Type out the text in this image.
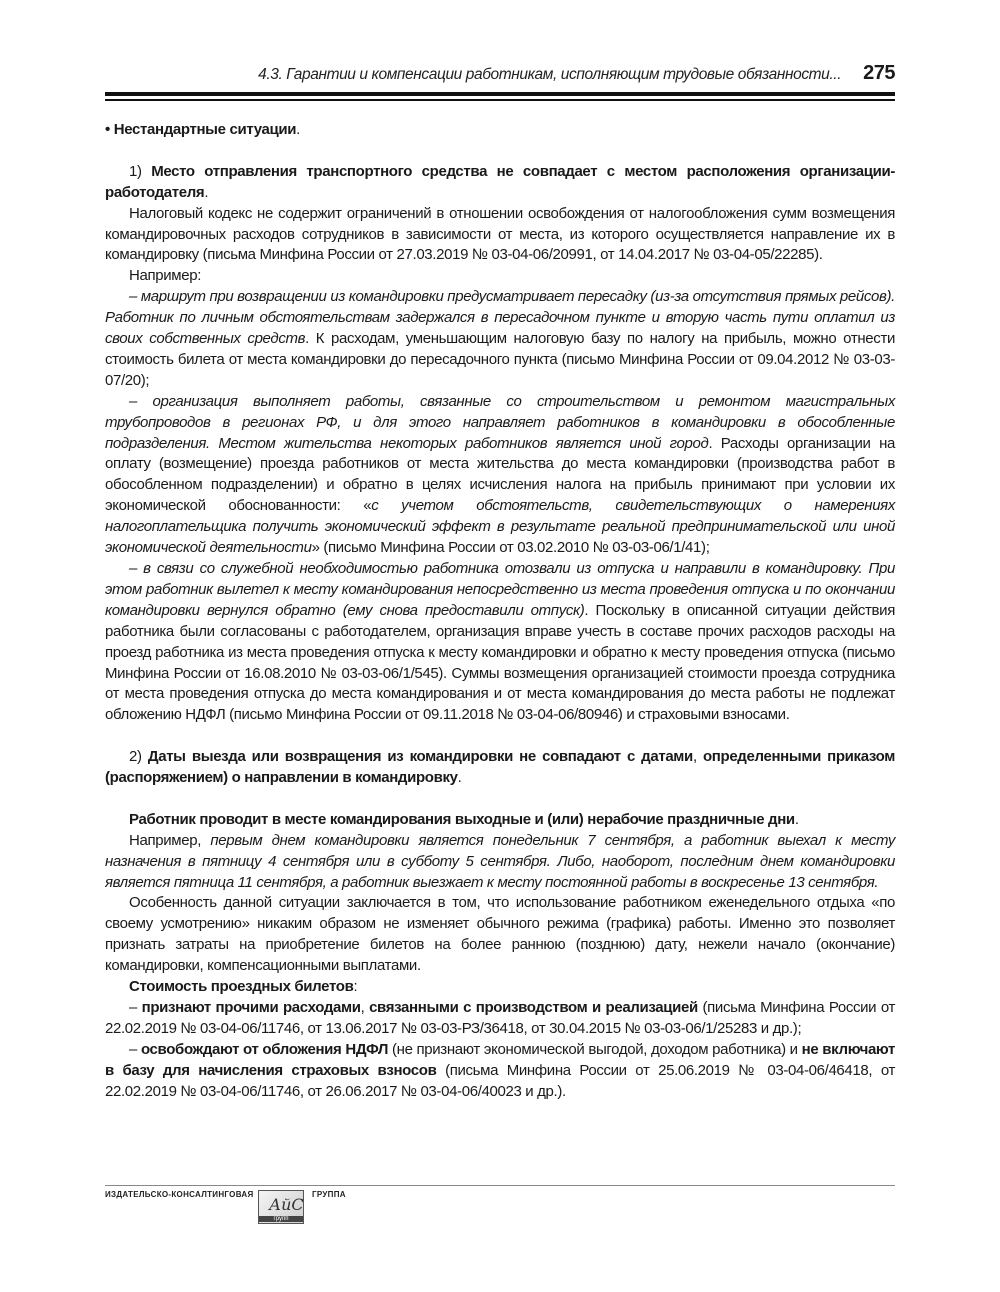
4.3. Гарантии и компенсации работникам, исполняющим трудовые обязанности... 275

• Нестандартные ситуации.

1) Место отправления транспортного средства не совпадает с местом расположения организации-работодателя.

Налоговый кодекс не содержит ограничений в отношении освобождения от налогообложения сумм возмещения командировочных расходов сотрудников в зависимости от места, из которого осуществляется направление их в командировку (письма Минфина России от 27.03.2019 № 03-04-06/20991, от 14.04.2017 № 03-04-05/22285).

Например:

– маршрут при возвращении из командировки предусматривает пересадку (из-за отсутствия прямых рейсов). Работник по личным обстоятельствам задержался в пересадочном пункте и вторую часть пути оплатил из своих собственных средств. К расходам, уменьшающим налоговую базу по налогу на прибыль, можно отнести стоимость билета от места командировки до пересадочного пункта (письмо Минфина России от 09.04.2012 № 03-03-07/20);

– организация выполняет работы, связанные со строительством и ремонтом магистральных трубопроводов в регионах РФ, и для этого направляет работников в командировки в обособленные подразделения. Местом жительства некоторых работников является иной город. Расходы организации на оплату (возмещение) проезда работников от места жительства до места командировки (производства работ в обособленном подразделении) и обратно в целях исчисления налога на прибыль принимают при условии их экономической обоснованности: «с учетом обстоятельств, свидетельствующих о намерениях налогоплательщика получить экономический эффект в результате реальной предпринимательской или иной экономической деятельности» (письмо Минфина России от 03.02.2010 № 03-03-06/1/41);

– в связи со служебной необходимостью работника отозвали из отпуска и направили в командировку. При этом работник вылетел к месту командирования непосредственно из места проведения отпуска и по окончании командировки вернулся обратно (ему снова предоставили отпуск). Поскольку в описанной ситуации действия работника были согласованы с работодателем, организация вправе учесть в составе прочих расходов расходы на проезд работника из места проведения отпуска к месту командировки и обратно к месту проведения отпуска (письмо Минфина России от 16.08.2010 № 03-03-06/1/545). Суммы возмещения организацией стоимости проезда сотрудника от места проведения отпуска до места командирования и от места командирования до места работы не подлежат обложению НДФЛ (письмо Минфина России от 09.11.2018 № 03-04-06/80946) и страховыми взносами.

2) Даты выезда или возвращения из командировки не совпадают с датами, определенными приказом (распоряжением) о направлении в командировку.

Работник проводит в месте командирования выходные и (или) нерабочие праздничные дни.

Например, первым днем командировки является понедельник 7 сентября, а работник выехал к месту назначения в пятницу 4 сентября или в субботу 5 сентября. Либо, наоборот, последним днем командировки является пятница 11 сентября, а работник выезжает к месту постоянной работы в воскресенье 13 сентября.

Особенность данной ситуации заключается в том, что использование работником еженедельного отдыха «по своему усмотрению» никаким образом не изменяет обычного режима (графика) работы. Именно это позволяет признать затраты на приобретение билетов на более раннюю (позднюю) дату, нежели начало (окончание) командировки, компенсационными выплатами.

Стоимость проездных билетов:

– признают прочими расходами, связанными с производством и реализацией (письма Минфина России от 22.02.2019 № 03-04-06/11746, от 13.06.2017 № 03-03-РЗ/36418, от 30.04.2015 № 03-03-06/1/25283 и др.);

– освобождают от обложения НДФЛ (не признают экономической выгодой, доходом работника) и не включают в базу для начисления страховых взносов (письма Минфина России от 25.06.2019 № 03-04-06/46418, от 22.02.2019 № 03-04-06/11746, от 26.06.2017 № 03-04-06/40023 и др.).

ИЗДАТЕЛЬСКО-КОНСАЛТИНГОВАЯ
АйС
групп
ГРУППА
